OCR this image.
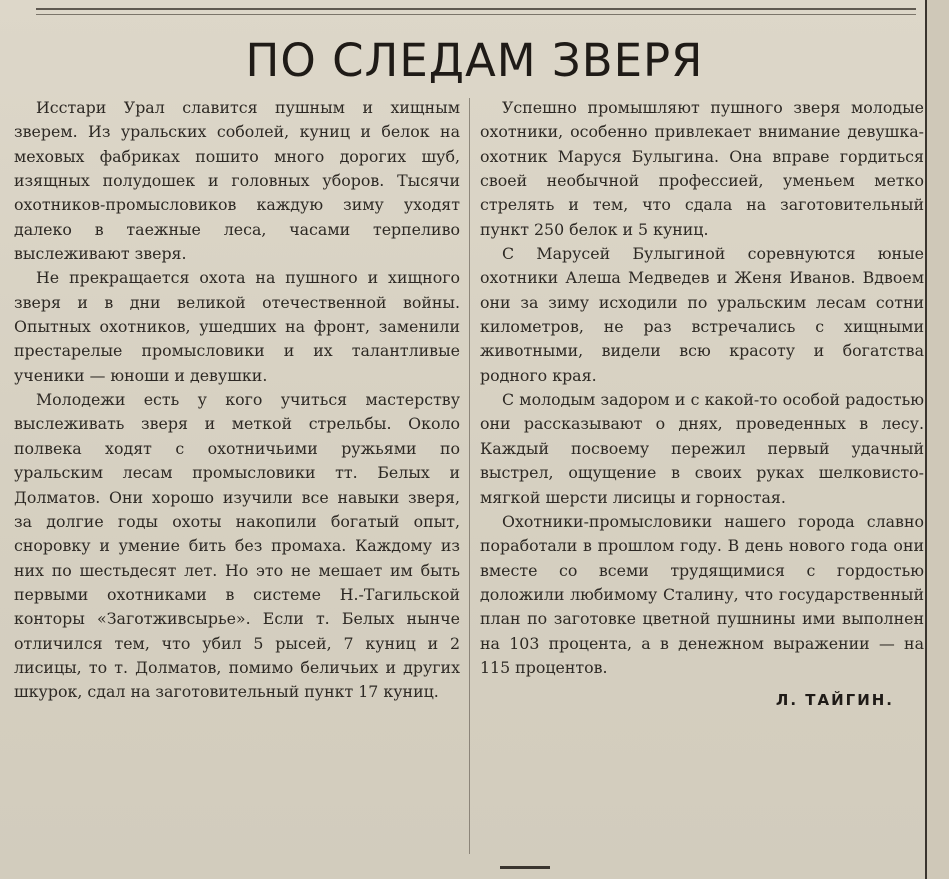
ПО СЛЕДАМ ЗВЕРЯ

Исстари Урал славится пушным и хищным зверем. Из уральских соболей, куниц и белок на меховых фабриках пошито много дорогих шуб, изящных полудошек и головных уборов. Тысячи охотников-промысловиков каждую зиму уходят далеко в таежные леса, часами терпеливо выслеживают зверя.

Не прекращается охота на пушного и хищного зверя и в дни великой отечественной войны. Опытных охотников, ушедших на фронт, заменили престарелые промысловики и их талантливые ученики — юноши и девушки.

Молодежи есть у кого учиться мастерству выслеживать зверя и меткой стрельбы. Около полвека ходят с охотничьими ружьями по уральским лесам промысловики тт. Белых и Долматов. Они хорошо изучили все навыки зверя, за долгие годы охоты накопили богатый опыт, сноровку и умение бить без промаха. Каждому из них по шестьдесят лет. Но это не мешает им быть первыми охотниками в системе Н.-Тагильской конторы «Заготживсырье». Если т. Белых нынче отличился тем, что убил 5 рысей, 7 куниц и 2 лисицы, то т. Долматов, помимо беличьих и других шкурок, сдал на заготовительный пункт 17 куниц.

Успешно промышляют пушного зверя молодые охотники, особенно привлекает внимание девушка-охотник Маруся Булыгина. Она вправе гордиться своей необычной профессией, уменьем метко стрелять и тем, что сдала на заготовительный пункт 250 белок и 5 куниц.

С Марусей Булыгиной соревнуются юные охотники Алеша Медведев и Женя Иванов. Вдвоем они за зиму исходили по уральским лесам сотни километров, не раз встречались с хищными животными, видели всю красоту и богатства родного края.

С молодым задором и с какой-то особой радостью они рассказывают о днях, проведенных в лесу. Каждый посвоему пережил первый удачный выстрел, ощущение в своих руках шелковисто-мягкой шерсти лисицы и горностая.

Охотники-промысловики нашего города славно поработали в прошлом году. В день нового года они вместе со всеми трудящимися с гордостью доложили любимому Сталину, что государственный план по заготовке цветной пушнины ими выполнен на 103 процента, а в денежном выражении — на 115 процентов.

Л. ТАЙГИН.
